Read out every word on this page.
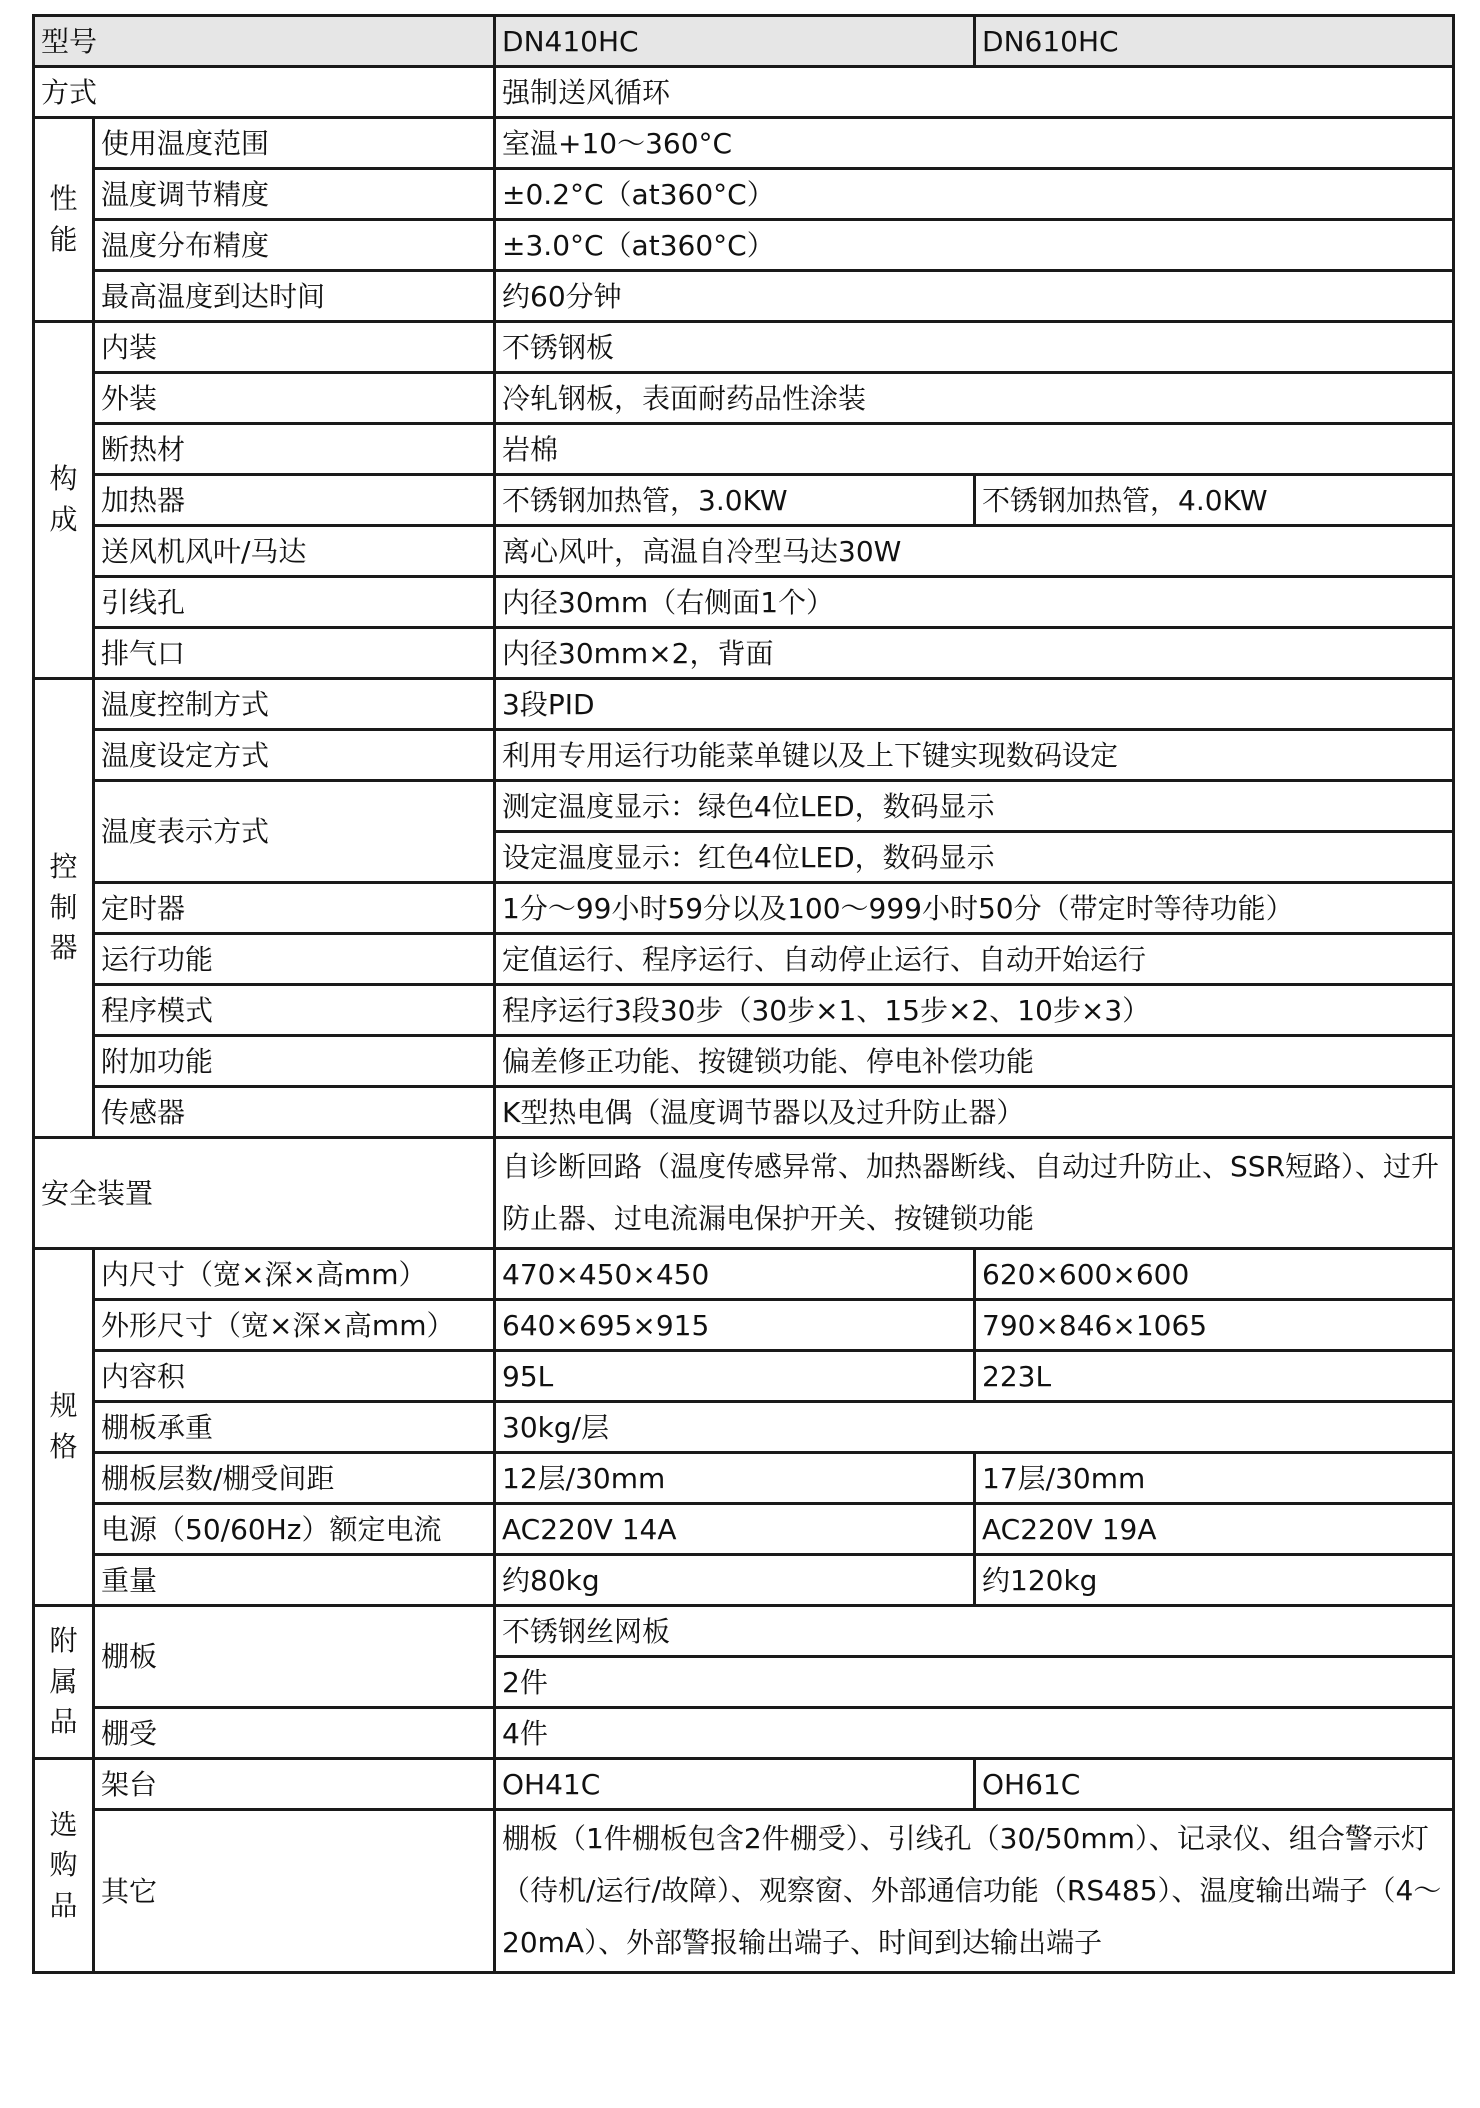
型号		DN410HC	DN610HC
方式		强制送风循环	
性能	使用温度范围	室温+10～360°C	
	温度调节精度	±0.2°C（at360°C）	
	温度分布精度	±3.0°C（at360°C）	
	最高温度到达时间	约60分钟	
构成	内装	不锈钢板	
	外装	冷轧钢板，表面耐药品性涂装	
	断热材	岩棉	
	加热器	不锈钢加热管，3.0KW	不锈钢加热管，4.0KW
	送风机风叶/马达	离心风叶，高温自冷型马达30W	
	引线孔	内径30mm（右侧面1个）	
	排气口	内径30mm×2，背面	
控制器	温度控制方式	3段PID	
	温度设定方式	利用专用运行功能菜单键以及上下键实现数码设定	
	温度表示方式	测定温度显示：绿色4位LED，数码显示	
		设定温度显示：红色4位LED，数码显示	
	定时器	1分～99小时59分以及100～999小时50分（带定时等待功能）	
	运行功能	定值运行、程序运行、自动停止运行、自动开始运行	
	程序模式	程序运行3段30步（30步×1、15步×2、10步×3）	
	附加功能	偏差修正功能、按键锁功能、停电补偿功能	
	传感器	K型热电偶（温度调节器以及过升防止器）	
安全装置		自诊断回路（温度传感异常、加热器断线、自动过升防止、SSR短路）、过升防止器、过电流漏电保护开关、按键锁功能	
规格	内尺寸（宽×深×高mm）	470×450×450	620×600×600
	外形尺寸（宽×深×高mm）	640×695×915	790×846×1065
	内容积	95L	223L
	棚板承重	30kg/层	
	棚板层数/棚受间距	12层/30mm	17层/30mm
	电源（50/60Hz）额定电流	AC220V 14A	AC220V 19A
	重量	约80kg	约120kg
附属品	棚板	不锈钢丝网板	
		2件	
	棚受	4件	
选购品	架台	OH41C	OH61C
	其它	棚板（1件棚板包含2件棚受）、引线孔（30/50mm）、记录仪、组合警示灯（待机/运行/故障）、观察窗、外部通信功能（RS485）、温度输出端子（4～20mA）、外部警报输出端子、时间到达输出端子	
